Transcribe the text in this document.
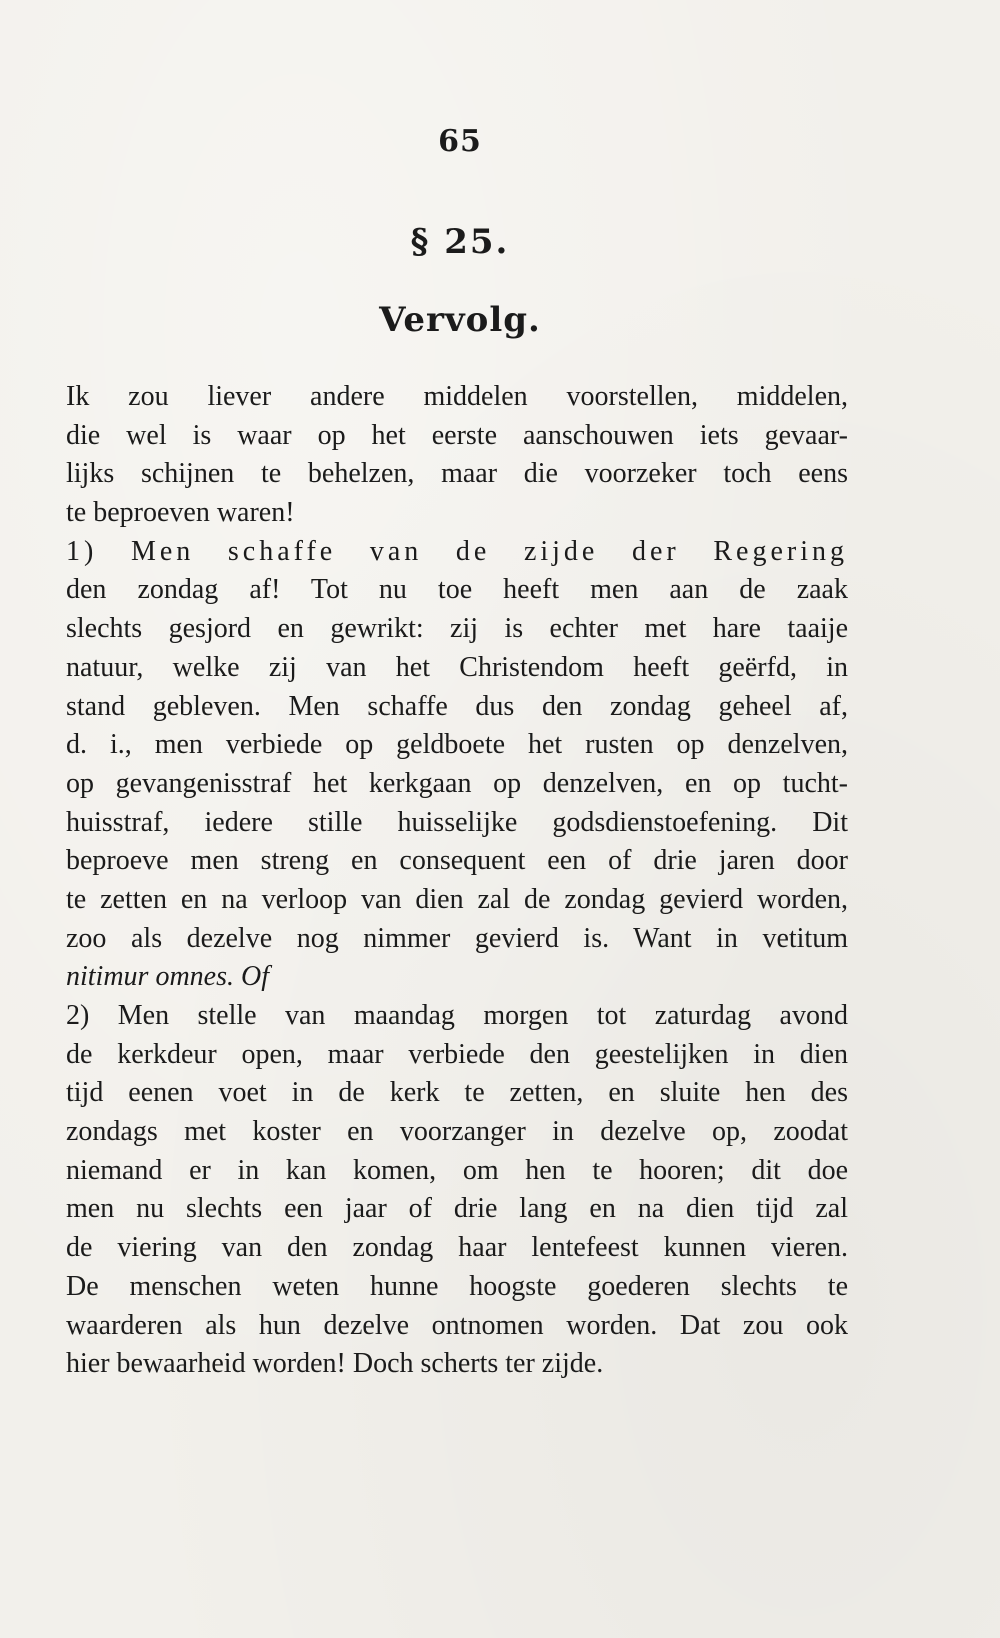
65
§ 25.
Vervolg.
Ik zou liever andere middelen voorstellen, middelen,
die wel is waar op het eerste aanschouwen iets gevaar-
lijks schijnen te behelzen, maar die voorzeker toch eens
te beproeven waren!
1) Men schaffe van de zijde der Regering
den zondag af! Tot nu toe heeft men aan de zaak
slechts gesjord en gewrikt: zij is echter met hare taaije
natuur, welke zij van het Christendom heeft geërfd, in
stand gebleven. Men schaffe dus den zondag geheel af,
d. i., men verbiede op geldboete het rusten op denzelven,
op gevangenisstraf het kerkgaan op denzelven, en op tucht-
huisstraf, iedere stille huisselijke godsdienstoefening. Dit
beproeve men streng en consequent een of drie jaren door
te zetten en na verloop van dien zal de zondag gevierd worden,
zoo als dezelve nog nimmer gevierd is. Want in vetitum
nitimur omnes. Of
2) Men stelle van maandag morgen tot zaturdag avond
de kerkdeur open, maar verbiede den geestelijken in dien
tijd eenen voet in de kerk te zetten, en sluite hen des
zondags met koster en voorzanger in dezelve op, zoodat
niemand er in kan komen, om hen te hooren; dit doe
men nu slechts een jaar of drie lang en na dien tijd zal
de viering van den zondag haar lentefeest kunnen vieren.
De menschen weten hunne hoogste goederen slechts te
waarderen als hun dezelve ontnomen worden. Dat zou ook
hier bewaarheid worden! Doch scherts ter zijde.
